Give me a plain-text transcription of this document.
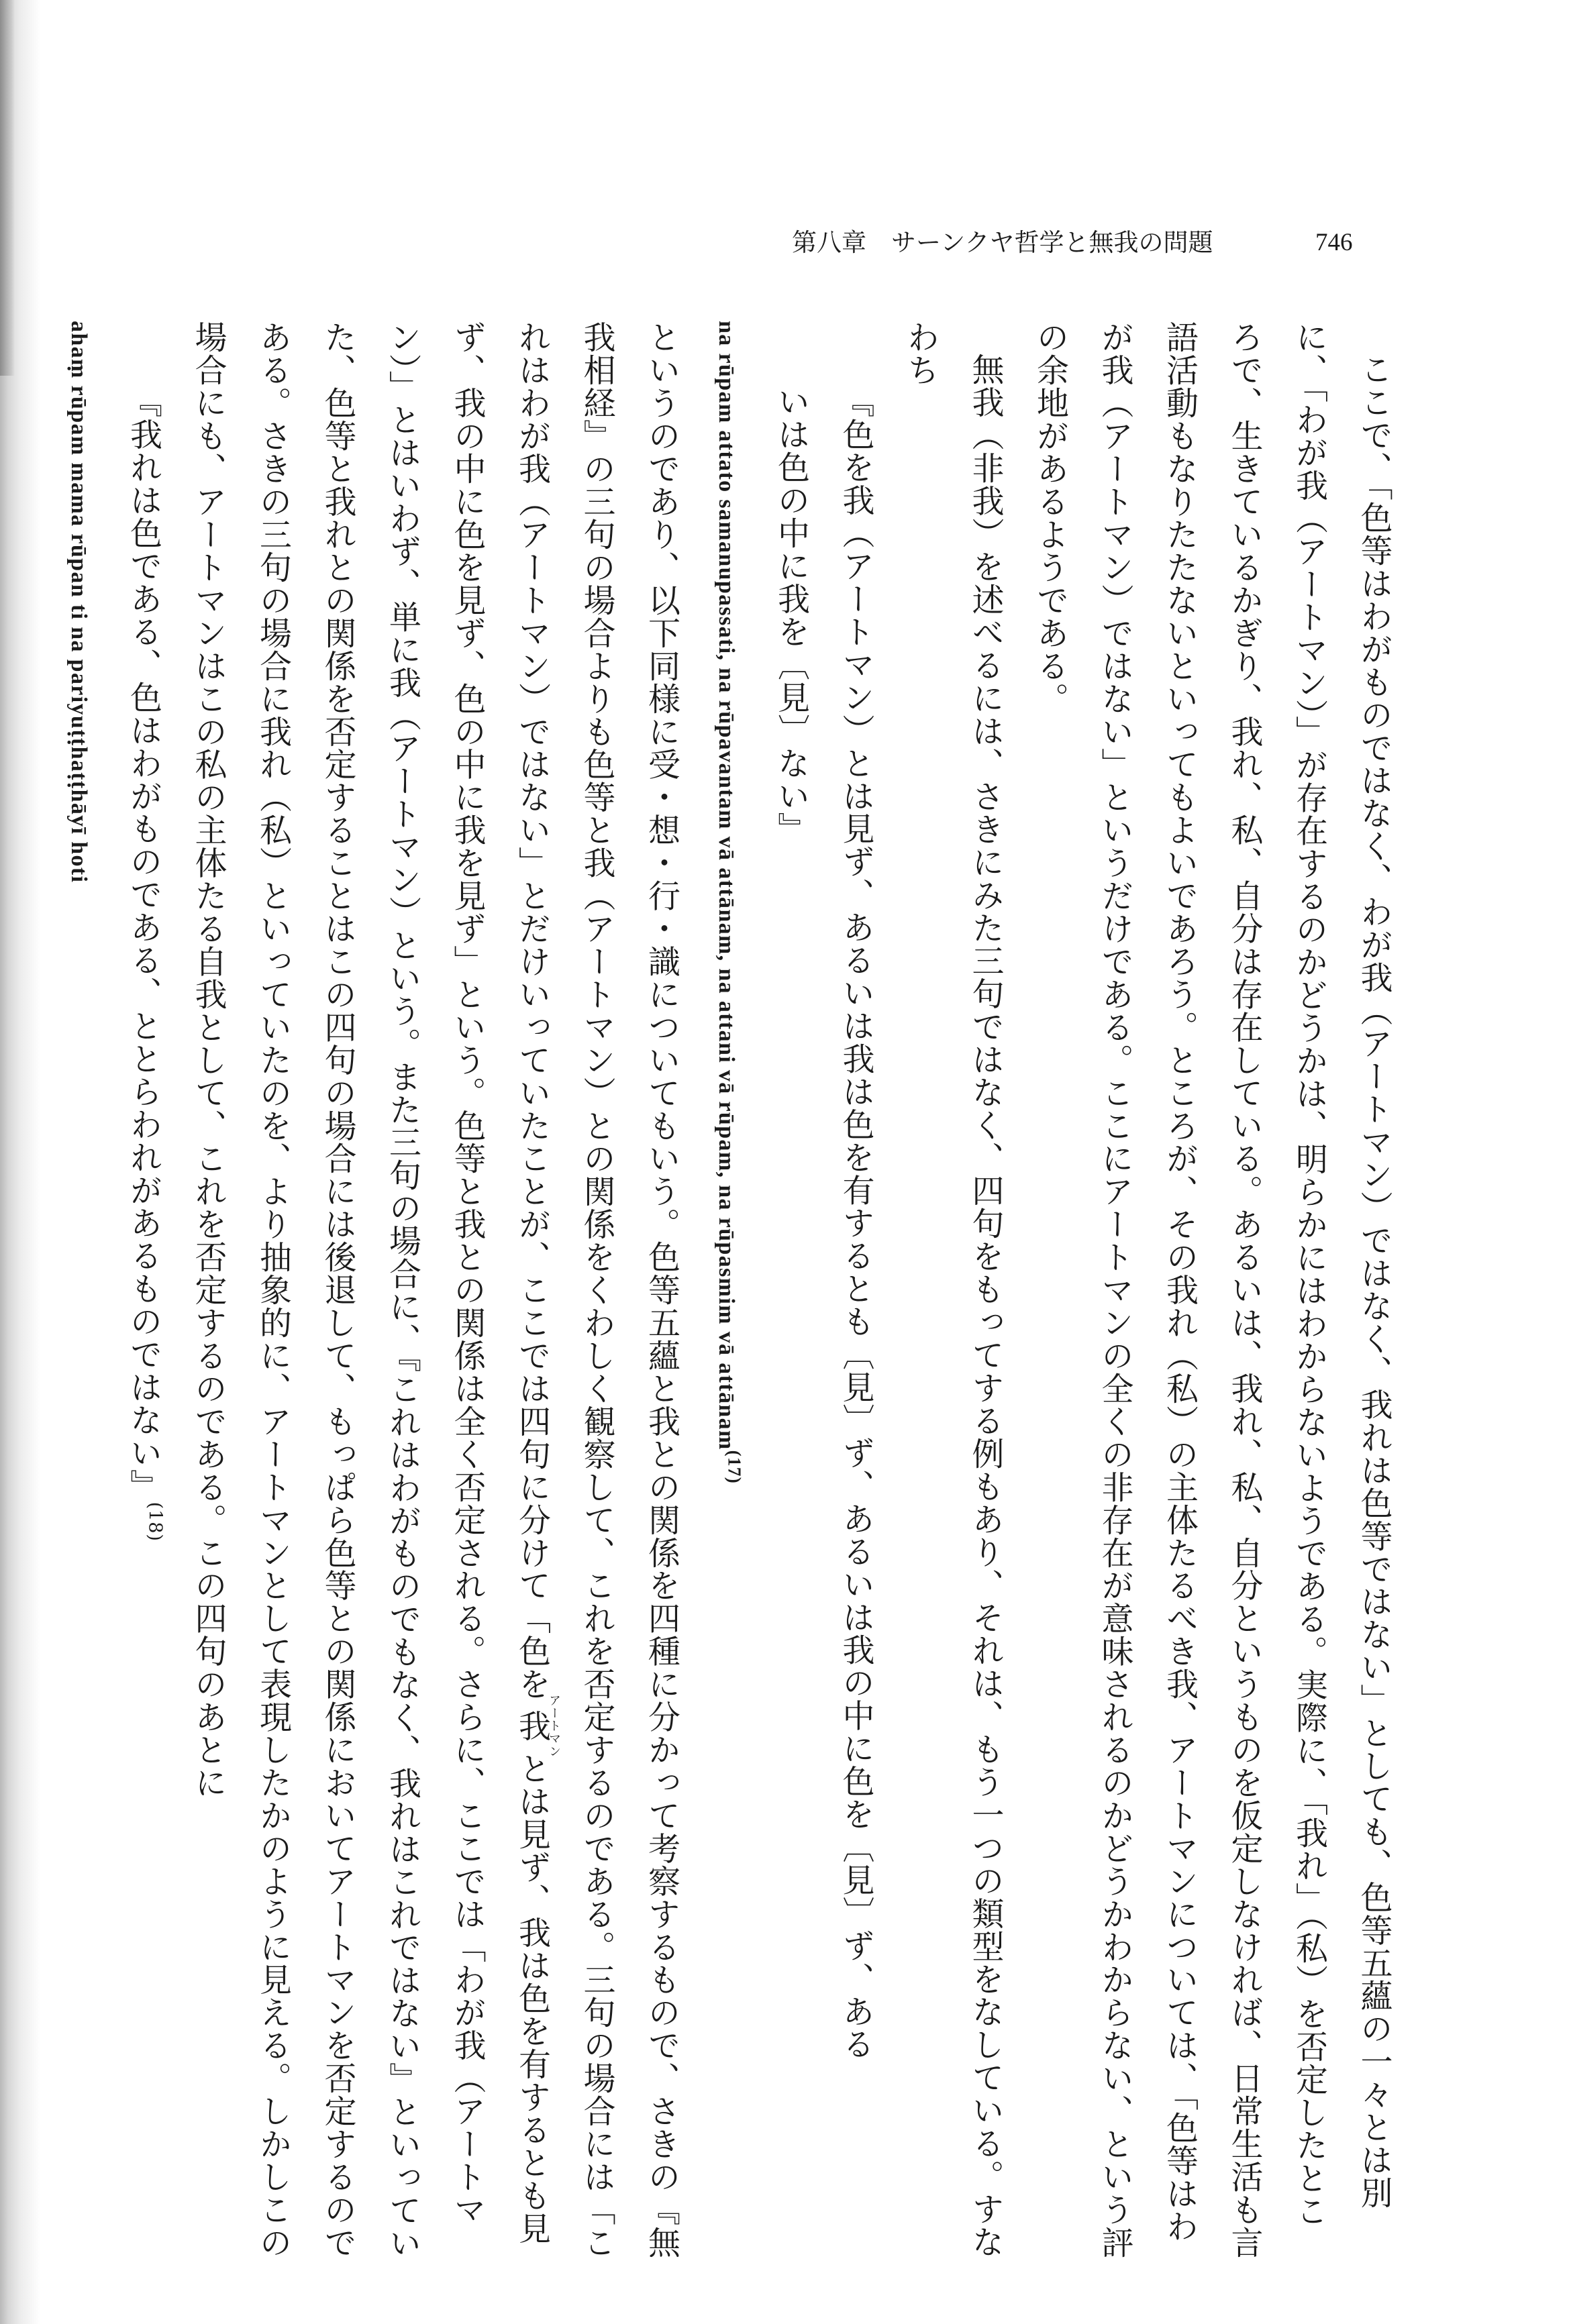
第八章　サーンクヤ哲学と無我の問題	746

ここで、「色等はわがものではなく、わが我（アートマン）ではなく、我れは色等ではない」としても、色等五蘊の一々とは別に、「わが我（アートマン）」が存在するのかどうかは、明らかにはわからないようである。実際に、「我れ」（私）を否定したところで、生きているかぎり、我れ、私、自分は存在している。あるいは、我れ、私、自分というものを仮定しなければ、日常生活も言語活動もなりたたないといってもよいであろう。ところが、その我れ（私）の主体たるべき我、アートマンについては、「色等はわが我（アートマン）ではない」というだけである。ここにアートマンの全くの非存在が意味されるのかどうかわからない、という評の余地があるようである。

無我（非我）を述べるには、さきにみた三句ではなく、四句をもってする例もあり、それは、もう一つの類型をなしている。すなわち

『色を我（アートマン）とは見ず、あるいは我は色を有するとも〔見〕ず、あるいは我の中に色を〔見〕ず、ある

いは色の中に我を〔見〕ない』

na rūpam attato samanupassati, na rūpavantam vā attānam, na attani vā rūpam, na rūpasmim vā attānam$^{(17)}$

というのであり、以下同様に受・想・行・識についてもいう。色等五蘊と我との関係を四種に分かって考察するもので、さきの『無我相経』の三句の場合よりも色等と我（アートマン）との関係をくわしく観察して、これを否定するのである。三句の場合には「これはわが我（アートマン）ではない」とだけいっていたことが、ここでは四句に分けて「色を我アートマンとは見ず、我は色を有するとも見ず、我の中に色を見ず、色の中に我を見ず」という。色等と我との関係は全く否定される。さらに、ここでは「わが我（アートマン）」とはいわず、単に我（アートマン）という。また三句の場合に、『これはわがものでもなく、我れはこれではない』といっていた、色等と我れとの関係を否定することはこの四句の場合には後退して、もっぱら色等との関係においてアートマンを否定するのである。さきの三句の場合に我れ（私）といっていたのを、より抽象的に、アートマンとして表現したかのように見える。しかしこの場合にも、アートマンはこの私の主体たる自我として、これを否定するのである。この四句のあとに

『我れは色である、色はわがものである、ととらわれがあるものではない』$^{(18)}$

ahaṃ rūpam mama rūpan ti na pariyuṭṭhaṭṭhāyī hoti
